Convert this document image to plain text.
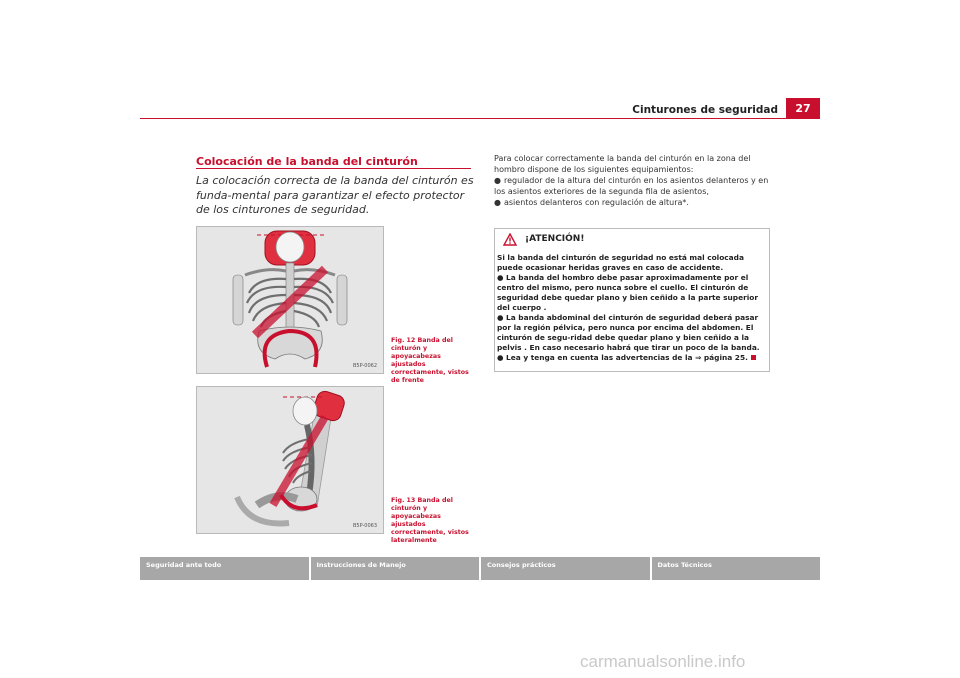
Cinturones de seguridad	27
Colocación de la banda del cinturón
La colocación correcta de la banda del cinturón es funda-mental para garantizar el efecto protector de los cinturones de seguridad.
B5P-0062
Fig. 12 Banda del cinturón y apoyacabezas ajustados correctamente, vistos de frente
B5P-0063
Fig. 13 Banda del cinturón y apoyacabezas ajustados correctamente, vistos lateralmente

Para colocar correctamente la banda del cinturón en la zona del hombro dispone de los siguientes equipamientos:

● regulador de la altura del cinturón en los asientos delanteros y en los asientos exteriores de la segunda fila de asientos,

● asientos delanteros con regulación de altura*.

¡ATENCIÓN!

Si la banda del cinturón de seguridad no está mal colocada puede ocasionar heridas graves en caso de accidente.

● La banda del hombro debe pasar aproximadamente por el centro del mismo, pero nunca sobre el cuello. El cinturón de seguridad debe quedar plano y bien ceñido a la parte superior del cuerpo .

● La banda abdominal del cinturón de seguridad deberá pasar por la región pélvica, pero nunca por encima del abdomen. El cinturón de segu-ridad debe quedar plano y bien ceñido a la pelvis . En caso necesario habrá que tirar un poco de la banda.

● Lea y tenga en cuenta las advertencias de la ⇒ página 25.

Seguridad ante todo	Instrucciones de Manejo	Consejos prácticos	Datos Técnicos
carmanualsonline.info
